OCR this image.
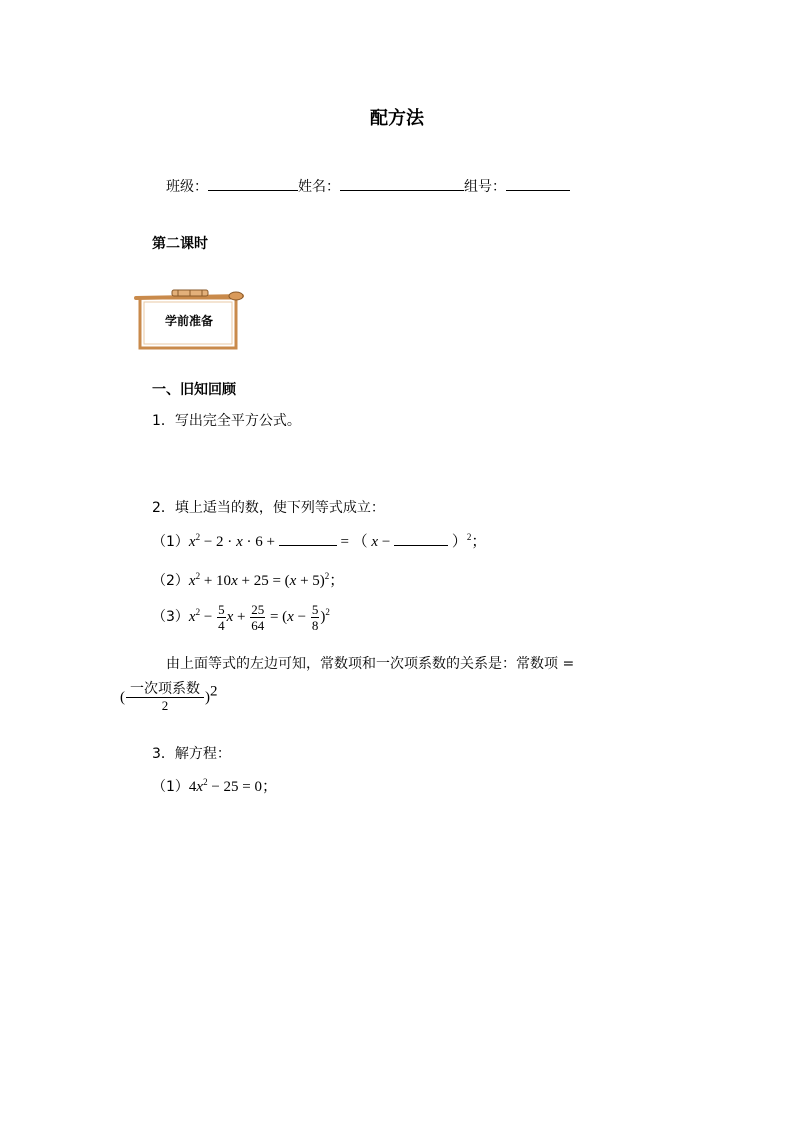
配方法
班级：	姓名：	组号：
第二课时
学前准备
一、旧知回顾
1．写出完全平方公式。
2．填上适当的数，使下列等式成立：
$(1)x^2 - 2 \cdot x \cdot 6$ +	= （ x −	）$^2$；
$(2)x^2 + 10x + 25 = (x + 5)^2$；
$(3)x^2 - \frac{5}{4}$ $x + \frac{25}{64} = (x - \frac{5}{8} )^2$
由上面等式的左边可知，常数项和一次项系数的关系是：常数项 =
( $\frac{\text{一次项系数}}{2} )^2$
3．解方程：
$(1)4x^2 - 25 = 0$；
